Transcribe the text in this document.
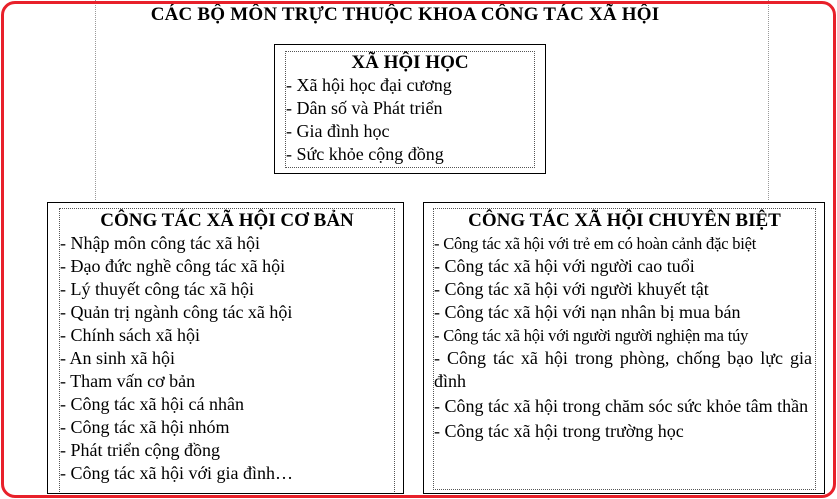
CÁC BỘ MÔN TRỰC THUỘC KHOA CÔNG TÁC XÃ HỘI
XÃ HỘI HỌC
- Xã hội học đại cương
- Dân số và Phát triển
- Gia đình học
- Sức khỏe cộng đồng
CÔNG TÁC XÃ HỘI CƠ BẢN
- Nhập môn công tác xã hội
- Đạo đức nghề công tác xã hội
- Lý thuyết công tác xã hội
- Quản trị ngành công tác xã hội
- Chính sách xã hội
- An sinh xã hội
- Tham vấn cơ bản
- Công tác xã hội cá nhân
- Công tác xã hội nhóm
- Phát triển cộng đồng
- Công tác xã hội với gia đình…
CÔNG TÁC XÃ HỘI CHUYÊN BIỆT
- Công tác xã hội với trẻ em có hoàn cảnh đặc biệt
- Công tác xã hội với người cao tuổi
- Công tác xã hội với người khuyết tật
- Công tác xã hội với nạn nhân bị mua bán
- Công tác xã hội với người người nghiện ma túy
- Công tác xã hội trong phòng, chống bạo lực gia đình
- Công tác xã hội trong chăm sóc sức khỏe tâm thần
- Công tác xã hội trong trường học
